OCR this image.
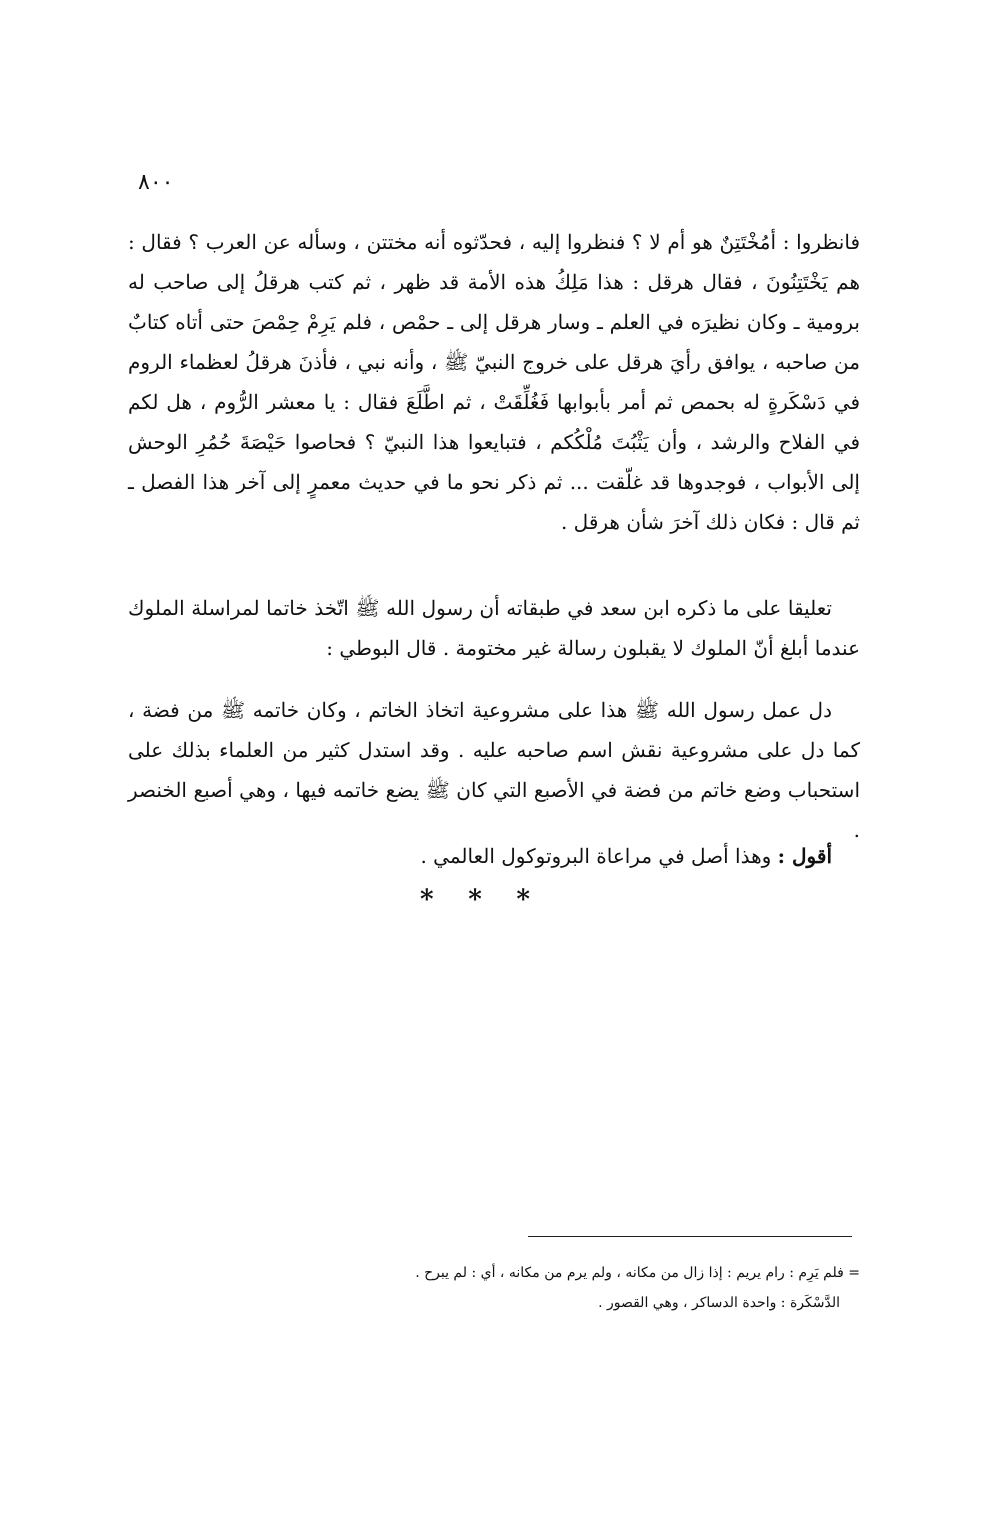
٨٠٠

فانظروا : أمُخْتَتِنٌ هو أم لا ؟ فنظروا إليه ، فحدّثوه أنه مختتن ، وسأله عن العرب ؟ فقال : هم يَخْتَتِنُونَ ، فقال هرقل : هذا مَلِكُ هذه الأمة قد ظهر ، ثم كتب هرقلُ إلى صاحب له برومية ـ وكان نظيرَه في العلم ـ وسار هرقل إلى ـ حمْص ، فلم يَرِمْ حِمْصَ حتى أتاه كتابٌ من صاحبه ، يوافق رأيَ هرقل على خروج النبيّ ﷺ ، وأنه نبي ، فأذنَ هرقلُ لعظماء الروم في دَسْكَرةٍ له بحمص ثم أمر بأبوابها فَغُلِّقَتْ ، ثم اطَّلَعَ فقال : يا معشر الرُّوم ، هل لكم في الفلاح والرشد ، وأن يَثْبُتَ مُلْكُكم ، فتبايعوا هذا النبيّ ؟ فحاصوا حَيْصَةَ حُمُرِ الوحش إلى الأبواب ، فوجدوها قد غلّقت ... ثم ذكر نحو ما في حديث معمرٍ إلى آخر هذا الفصل ـ ثم قال : فكان ذلك آخرَ شأن هرقل .

تعليقا على ما ذكره ابن سعد في طبقاته أن رسول الله ﷺ اتّخذ خاتما لمراسلة الملوك عندما أبلغ أنّ الملوك لا يقبلون رسالة غير مختومة . قال البوطي :

دل عمل رسول الله ﷺ هذا على مشروعية اتخاذ الخاتم ، وكان خاتمه ﷺ من فضة ، كما دل على مشروعية نقش اسم صاحبه عليه . وقد استدل كثير من العلماء بذلك على استحباب وضع خاتم من فضة في الأصبع التي كان ﷺ يضع خاتمه فيها ، وهي أصبع الخنصر .

أقول : وهذا أصل في مراعاة البروتوكول العالمي .

* * *
= فلم يَرِم : رام يريم : إذا زال من مكانه ، ولم يرم من مكانه ، أي : لم يبرح .
الدَّسْكَرة : واحدة الدساكر ، وهي القصور .
